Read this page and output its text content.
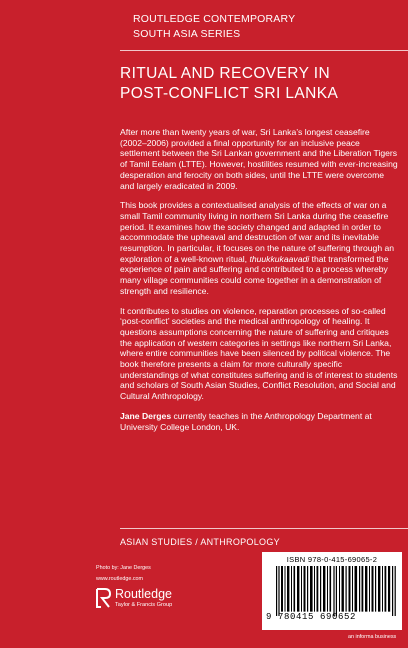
ROUTLEDGE CONTEMPORARY
SOUTH ASIA SERIES
RITUAL AND RECOVERY IN
POST-CONFLICT SRI LANKA

After more than twenty years of war, Sri Lanka’s longest ceasefire (2002–2006) provided a final opportunity for an inclusive peace settlement between the Sri Lankan government and the Liberation Tigers of Tamil Eelam (LTTE). However, hostilities resumed with ever-increasing desperation and ferocity on both sides, until the LTTE were overcome and largely eradicated in 2009.

This book provides a contextualised analysis of the effects of war on a small Tamil community living in northern Sri Lanka during the ceasefire period. It examines how the society changed and adapted in order to accommodate the upheaval and destruction of war and its inevitable resumption. In particular, it focuses on the nature of suffering through an exploration of a well-known ritual, thuukkukaavadi that transformed the experience of pain and suffering and contributed to a process whereby many village communities could come together in a demonstration of strength and resilience.

It contributes to studies on violence, reparation processes of so-called ‘post-conflict’ societies and the medical anthropology of healing. It questions assumptions concerning the nature of suffering and critiques the application of western categories in settings like northern Sri Lanka, where entire communities have been silenced by political violence. The book therefore presents a claim for more culturally specific understandings of what constitutes suffering and is of interest to students and scholars of South Asian Studies, Conflict Resolution, and Social and Cultural Anthropology.

Jane Derges currently teaches in the Anthropology Department at University College London, UK.

ASIAN STUDIES / ANTHROPOLOGY
Photo by: Jane Derges
www.routledge.com
Routledge
Taylor & Francis Group
ISBN 978-0-415-69065-2
9 780415 690652
an informa business
